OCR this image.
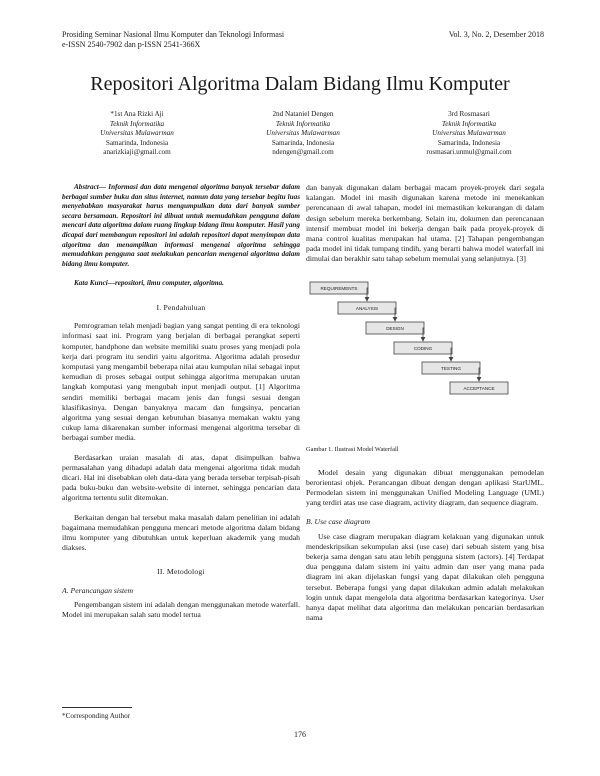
Prosiding Seminar Nasional Ilmu Komputer dan Teknologi Informasi
e-ISSN 2540-7902 dan p-ISSN 2541-366X
Vol. 3, No. 2, Desember 2018
Repositori Algoritma Dalam Bidang Ilmu Komputer
*1st Ana Rizki Aji
Teknik Informatika
Universitas Mulawarman
Samarinda, Indonesia
anarizkiaji@gmail.com
2nd Nataniel Dengen
Teknik Informatika
Universitas Mulawarman
Samarinda, Indonesia
ndengen@gmail.com
3rd Rosmasari
Teknik Informatika
Universitas Mulawarman
Samarinda, Indonesia
rosmasari.unmul@gmail.com

Abstract— Informasi dan data mengenai algoritma banyak tersebar dalam berbagai sumber buku dan situs internet, namun data yang tersebar begitu luas menyebabkan masyarakat harus mengumpulkan data dari banyak sumber secara bersamaan. Repositori ini dibuat untuk memudahkan pengguna dalam mencari data algoritma dalam ruang lingkup bidang ilmu komputer. Hasil yang dicapai dari membangun repositori ini adalah repositori dapat menyimpan data algoritma dan menampilkan informasi mengenai algoritma sehingga memudahkan pengguna saat melakukan pencarian mengenai algoritma dalam bidang ilmu komputer.

Kata Kunci—repositori, ilmu computer, algoritma.

I. Pendahuluan

Pemrograman telah menjadi bagian yang sangat penting di era teknologi informasi saat ini. Program yang berjalan di berbagai perangkat seperti komputer, handphone dan website memiliki suatu proses yang menjadi pola kerja dari program itu sendiri yaitu algoritma. Algoritma adalah prosedur komputasi yang mengambil beberapa nilai atau kumpulan nilai sebagai input kemudian di proses sebagai output sehingga algoritma merupakan urutan langkah komputasi yang mengubah input menjadi output. [1] Algoritma sendiri memiliki berbagai macam jenis dan fungsi sesuai dengan klasifikasinya. Dengan banyaknya macam dan fungsinya, pencarian algoritma yang sesuai dengan kebutuhan biasanya memakan waktu yang cukup lama dikarenakan sumber informasi mengenai algoritma tersebar di berbagai sumber media.

Berdasarkan uraian masalah di atas, dapat disimpulkan bahwa permasalahan yang dihadapi adalah data mengenai algoritma tidak mudah dicari. Hal ini disebabkan oleh data-data yang berada tersebar terpisah-pisah pada buku-buku dan website-website di internet, sehingga pencarian data algoritma tertentu sulit ditemukan.

Berkaitan dengan hal tersebut maka masalah dalam penelitian ini adalah bagaimana memudahkan pengguna mencari metode algoritma dalam bidang ilmu komputer yang dibutuhkan untuk keperluan akademik yang mudah diakses.

II. Metodologi
A. Perancangan sistem

Pengembangan sistem ini adalah dengan menggunakan metode waterfall. Model ini merupakan salah satu model tertua

dan banyak digunakan dalam berbagai macam proyek-proyek dari segala kalangan. Model ini masih digunakan karena metode ini menekankan perencanaan di awal tahapan, model ini memastikan kekurangan di dalam design sebelum mereka berkembang. Selain itu, dokumen dan perencanaan intensif membuat model ini bekerja dengan baik pada proyek-proyek di mana control kualitas merupakan hal utama. [2] Tahapan pengembangan pada model ini tidak tumpang tindih, yang berarti bahwa model waterfall ini dimulai dan berakhir satu tahap sebelum memulai yang selanjutnya. [3]

REQUIREMENTS
ANALYSIS
DESIGN
CODING
TESTING
ACCEPTANCE
Gambar 1. Ilustrasi Model Waterfall

Model desain yang digunakan dibuat menggunakan pemodelan berorientasi objek. Perancangan dibuat dengan dengan aplikasi StarUML. Permodelan sistem ini menggunakan Unified Modeling Language (UML) yang terdiri atas use case diagram, activity diagram, dan sequence diagram.

B. Use case diagram

Use case diagram merupakan diagram kelakuan yang digunakan untuk mendeskripsikan sekumpulan aksi (use case) dari sebuah sistem yang bisa bekerja sama dengan satu atau lebih pengguna sistem (actors). [4] Terdapat dua pengguna dalam sistem ini yaitu admin dan user yang mana pada diagram ini akan dijelaskan fungsi yang dapat dilakukan oleh pengguna tersebut. Beberapa fungsi yang dapat dilakukan admin adalah melakukan login untuk dapat mengelola data algoritma berdasarkan kategorinya. User hanya dapat melihat data algoritma dan melakukan pencarian berdasarkan nama

*Corresponding Author
176
